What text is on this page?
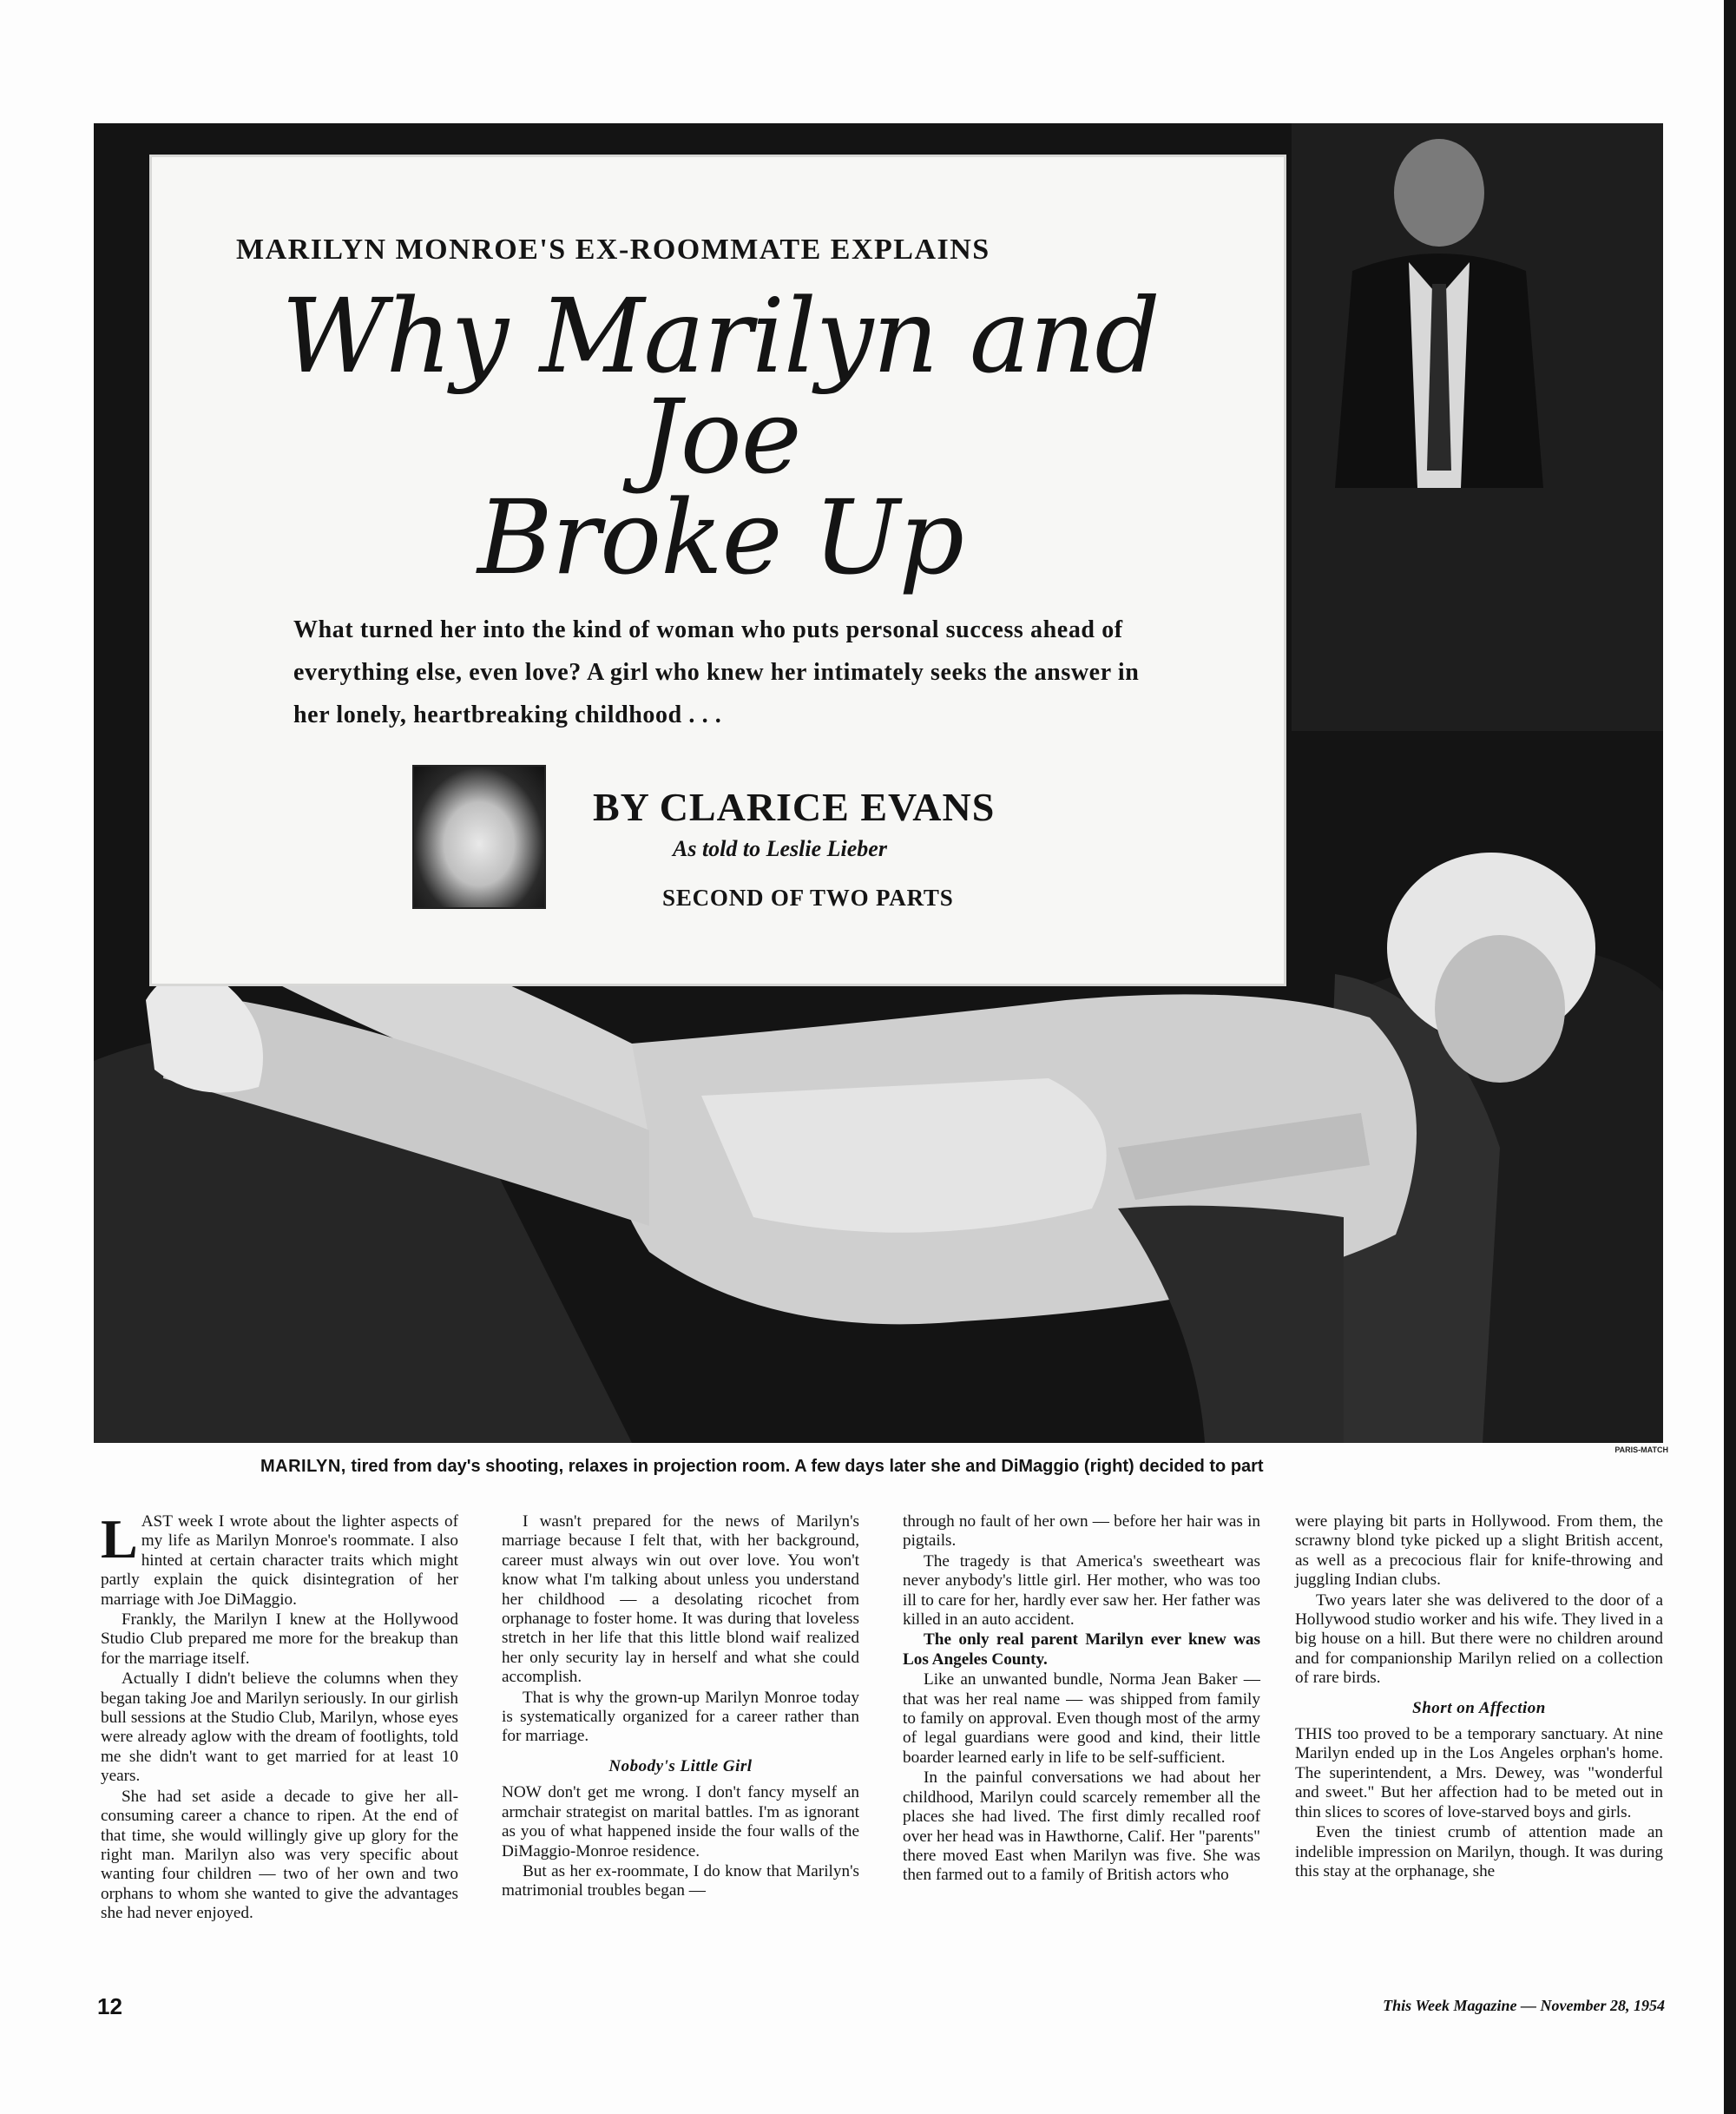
MARILYN MONROE'S EX-ROOMMATE EXPLAINS
Why Marilyn and Joe
Broke Up
What turned her into the kind of woman who puts personal success ahead of everything else, even love? A girl who knew her intimately seeks the answer in her lonely, heartbreaking childhood . . .
BY CLARICE EVANS
As told to Leslie Lieber
SECOND OF TWO PARTS
PARIS-MATCH
MARILYN, tired from day's shooting, relaxes in projection room. A few days later she and DiMaggio (right) decided to part

LAST week I wrote about the lighter aspects of my life as Marilyn Monroe's roommate. I also hinted at certain character traits which might partly explain the quick disintegration of her marriage with Joe DiMaggio.

Frankly, the Marilyn I knew at the Hollywood Studio Club prepared me more for the breakup than for the marriage itself.

Actually I didn't believe the columns when they began taking Joe and Marilyn seriously. In our girlish bull sessions at the Studio Club, Marilyn, whose eyes were already aglow with the dream of footlights, told me she didn't want to get married for at least 10 years.

She had set aside a decade to give her all-consuming career a chance to ripen. At the end of that time, she would willingly give up glory for the right man. Marilyn also was very specific about wanting four children — two of her own and two orphans to whom she wanted to give the advantages she had never enjoyed.

I wasn't prepared for the news of Marilyn's marriage because I felt that, with her background, career must always win out over love. You won't know what I'm talking about unless you understand her childhood — a desolating ricochet from orphanage to foster home. It was during that loveless stretch in her life that this little blond waif realized her only security lay in herself and what she could accomplish.

That is why the grown-up Marilyn Monroe today is systematically organized for a career rather than for marriage.

Nobody's Little Girl

NOW don't get me wrong. I don't fancy myself an armchair strategist on marital battles. I'm as ignorant as you of what happened inside the four walls of the DiMaggio-Monroe residence.

But as her ex-roommate, I do know that Marilyn's matrimonial troubles began —

through no fault of her own — before her hair was in pigtails.

The tragedy is that America's sweetheart was never anybody's little girl. Her mother, who was too ill to care for her, hardly ever saw her. Her father was killed in an auto accident.

The only real parent Marilyn ever knew was Los Angeles County.

Like an unwanted bundle, Norma Jean Baker — that was her real name — was shipped from family to family on approval. Even though most of the army of legal guardians were good and kind, their little boarder learned early in life to be self-sufficient.

In the painful conversations we had about her childhood, Marilyn could scarcely remember all the places she had lived. The first dimly recalled roof over her head was in Hawthorne, Calif. Her "parents" there moved East when Marilyn was five. She was then farmed out to a family of British actors who

were playing bit parts in Hollywood. From them, the scrawny blond tyke picked up a slight British accent, as well as a precocious flair for knife-throwing and juggling Indian clubs.

Two years later she was delivered to the door of a Hollywood studio worker and his wife. They lived in a big house on a hill. But there were no children around and for companionship Marilyn relied on a collection of rare birds.

Short on Affection

THIS too proved to be a temporary sanctuary. At nine Marilyn ended up in the Los Angeles orphan's home. The superintendent, a Mrs. Dewey, was "wonderful and sweet." But her affection had to be meted out in thin slices to scores of love-starved boys and girls.

Even the tiniest crumb of attention made an indelible impression on Marilyn, though. It was during this stay at the orphanage, she

12	This Week Magazine — November 28, 1954
